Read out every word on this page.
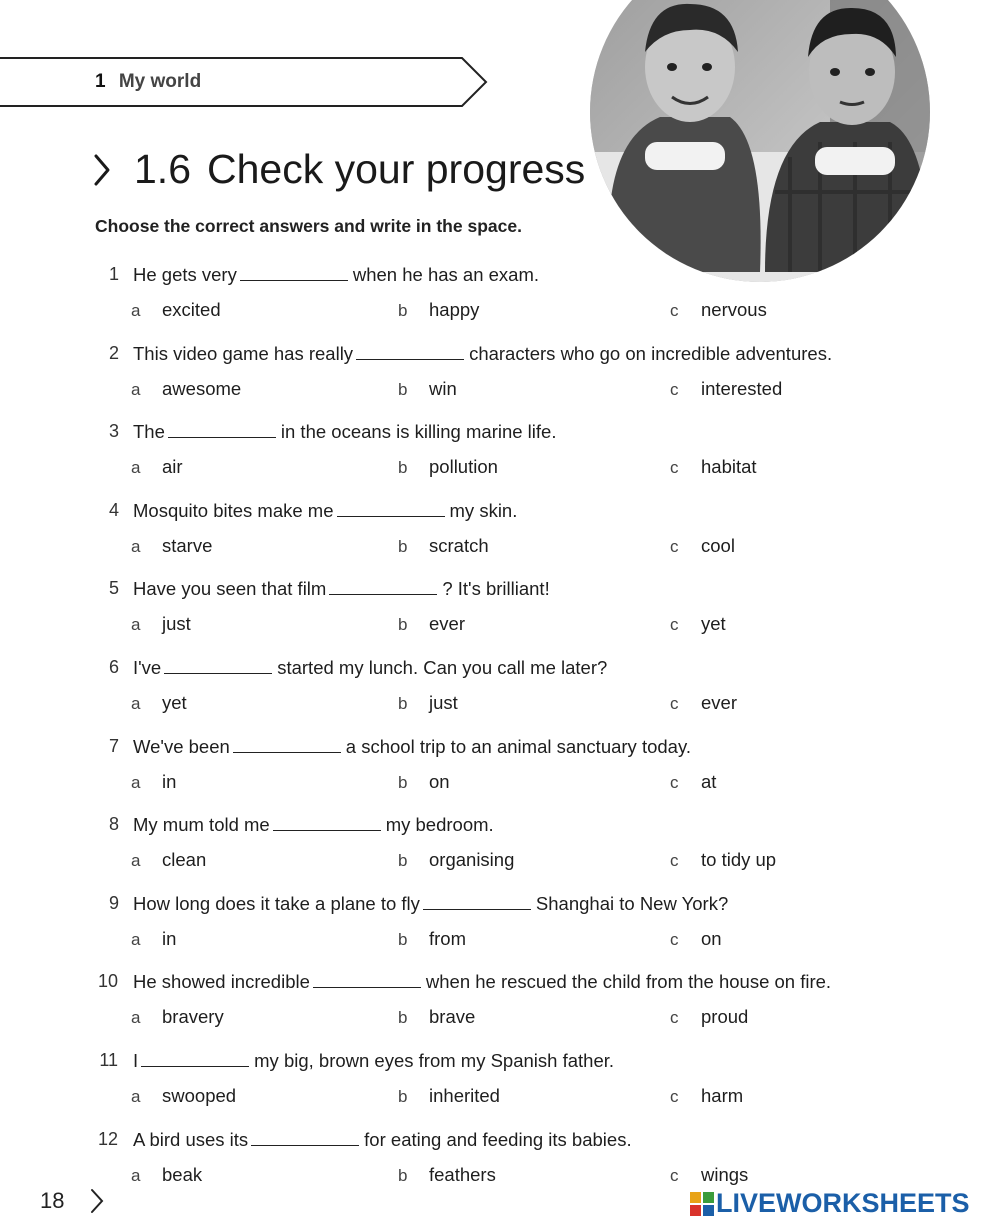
1 My world
1.6 Check your progress
Choose the correct answers and write in the space.
1 He gets very	when he has an exam.
a excited	b happy	c nervous
2 This video game has really	characters who go on incredible adventures.
a awesome	b win	c interested
3 The	in the oceans is killing marine life.
a air	b pollution	c habitat
4 Mosquito bites make me	my skin.
a starve	b scratch	c cool
5 Have you seen that film	? It's brilliant!
a just	b ever	c yet
6 I've	started my lunch. Can you call me later?
a yet	b just	c ever
7 We've been	a school trip to an animal sanctuary today.
a in	b on	c at
8 My mum told me	my bedroom.
a clean	b organising	c to tidy up
9 How long does it take a plane to fly	Shanghai to New York?
a in	b from	c on
10 He showed incredible	when he rescued the child from the house on fire.
a bravery	b brave	c proud
11 I	my big, brown eyes from my Spanish father.
a swooped	b inherited	c harm
12 A bird uses its	for eating and feeding its babies.
a beak	b feathers	c wings
18	LIVEWORKSHEETS
